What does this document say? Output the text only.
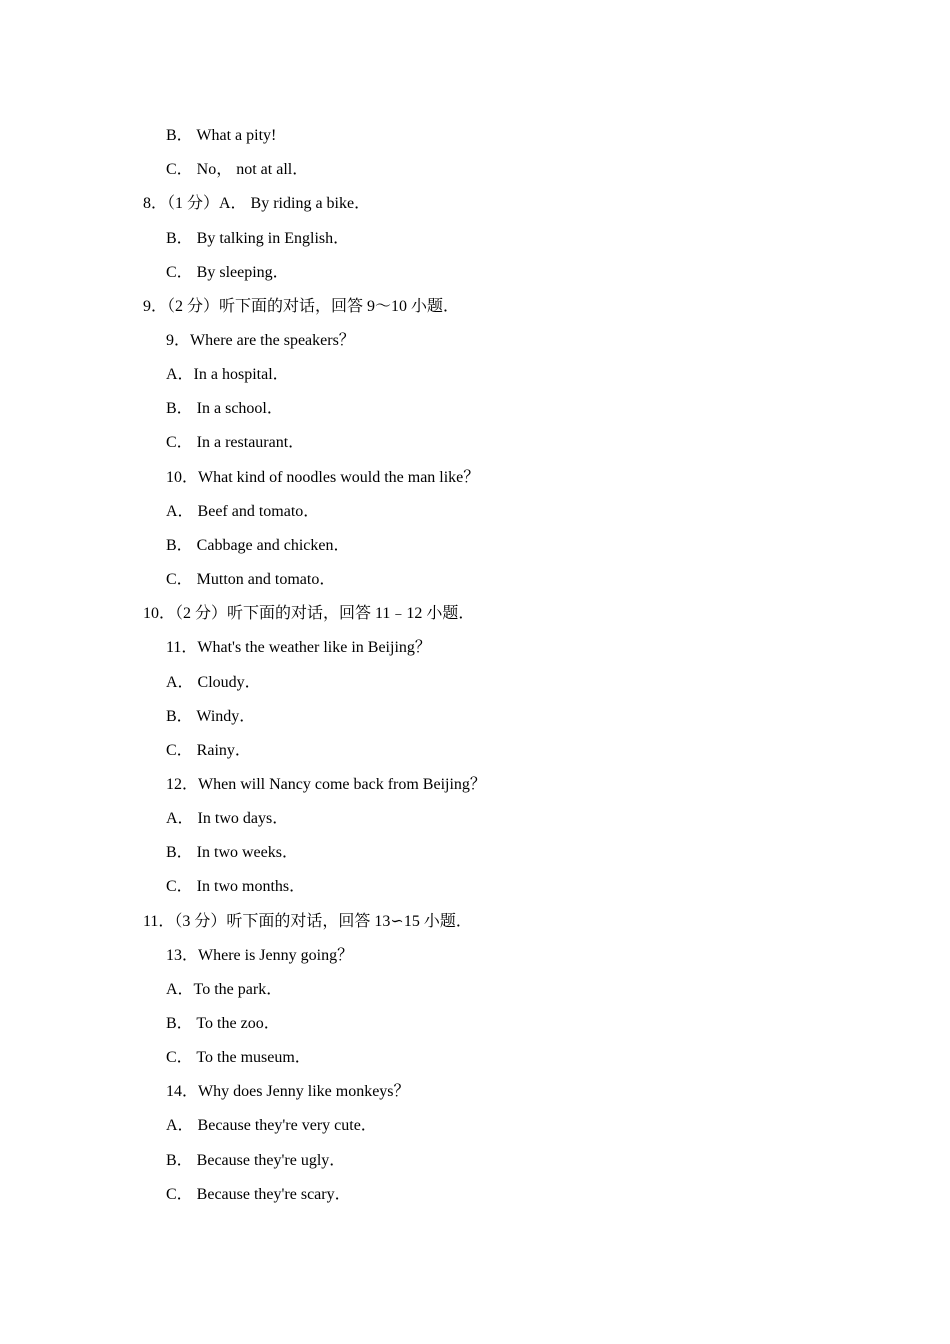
B． What a pity!
C． No， not at all．
8．（1 分）A． By riding a bike．
B． By talking in English．
C． By sleeping．
9．（2 分）听下面的对话，回答 9～10 小题．
9．Where are the speakers？
A．In a hospital．
B． In a school．
C． In a restaurant．
10．What kind of noodles would the man like？
A． Beef and tomato．
B． Cabbage and chicken．
C． Mutton and tomato．
10．（2 分）听下面的对话，回答 11﹣12 小题．
11．What's the weather like in Beijing？
A． Cloudy．
B． Windy．
C． Rainy．
12．When will Nancy come back from Beijing？
A． In two days．
B． In two weeks．
C． In two months．
11．（3 分）听下面的对话，回答 13∽15 小题．
13．Where is Jenny going？
A．To the park．
B． To the zoo．
C． To the museum．
14．Why does Jenny like monkeys？
A． Because they're very cute．
B． Because they're ugly．
C． Because they're scary．
